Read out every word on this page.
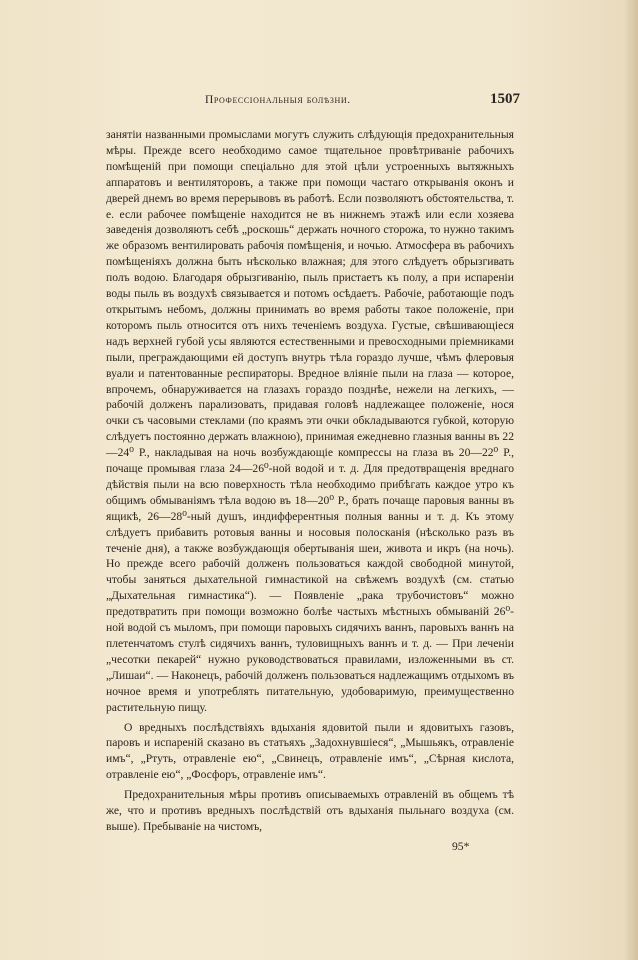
Профессіональныя болѣзни.	1507

занятіи названными промыслами могутъ служить слѣдующія предохранительныя мѣры. Прежде всего необходимо самое тщательное провѣтриваніе рабочихъ помѣщеній при помощи спеціально для этой цѣли устроенныхъ вытяжныхъ аппаратовъ и вентиляторовъ, а также при помощи частаго открыванія оконъ и дверей днемъ во время перерывовъ въ работѣ. Если позволяютъ обстоятельства, т. е. если рабочее помѣщеніе находится не въ нижнемъ этажѣ или если хозяева заведенія дозволяютъ себѣ „роскошь“ держать ночного сторожа, то нужно такимъ же образомъ вентилировать рабочія помѣщенія, и ночью. Атмосфера въ рабочихъ помѣщеніяхъ должна быть нѣсколько влажная; для этого слѣдуетъ обрызгивать полъ водою. Благодаря обрызгиванію, пыль пристаетъ къ полу, а при испареніи воды пыль въ воздухѣ связывается и потомъ осѣдаетъ. Рабочіе, работающіе подъ открытымъ небомъ, должны принимать во время работы такое положеніе, при которомъ пыль относится отъ нихъ теченіемъ воздуха. Густые, свѣшивающіеся надъ верхней губой усы являются естественными и превосходными пріемниками пыли, преграждающими ей доступъ внутрь тѣла гораздо лучше, чѣмъ флеровыя вуали и патентованные респираторы. Вредное вліяніе пыли на глаза — которое, впрочемъ, обнаруживается на глазахъ гораздо позднѣе, нежели на легкихъ, — рабочій долженъ парализовать, придавая головѣ надлежащее положеніе, нося очки съ часовыми стеклами (по краямъ эти очки обкладываются губкой, которую слѣдуетъ постоянно держать влажною), принимая ежедневно глазныя ванны въ 22—24⁰ Р., накладывая на ночь возбуждающіе компрессы на глаза въ 20—22⁰ Р., почаще промывая глаза 24—26⁰-ной водой и т. д. Для предотвращенія вреднаго дѣйствія пыли на всю поверхность тѣла необходимо прибѣгать каждое утро къ общимъ обмываніямъ тѣла водою въ 18—20⁰ Р., брать почаще паровыя ванны въ ящикѣ, 26—28⁰-ный душъ, индифферентныя полныя ванны и т. д. Къ этому слѣдуетъ прибавить ротовыя ванны и носовыя полосканія (нѣсколько разъ въ теченіе дня), а также возбуждающія обертыванія шеи, живота и икръ (на ночь). Но прежде всего рабочій долженъ пользоваться каждой свободной минутой, чтобы заняться дыхательной гимнастикой на свѣжемъ воздухѣ (см. статью „Дыхательная гимнастика“). — Появленіе „рака трубочистовъ“ можно предотвратить при помощи возможно болѣе частыхъ мѣстныхъ обмываній 26⁰-ной водой съ мыломъ, при помощи паровыхъ сидячихъ ваннъ, паровыхъ ваннъ на плетенчатомъ стулѣ сидячихъ ваннъ, туловищныхъ ваннъ и т. д. — При леченіи „чесотки пекарей“ нужно руководствоваться правилами, изложенными въ ст. „Лишаи“. — Наконецъ, рабочій долженъ пользоваться надлежащимъ отдыхомъ въ ночное время и употреблять питательную, удобоваримую, преимущественно растительную пищу.

О вредныхъ послѣдствіяхъ вдыханія ядовитой пыли и ядовитыхъ газовъ, паровъ и испареній сказано въ статьяхъ „Задохнувшіеся“, „Мышьякъ, отравленіе имъ“, „Ртуть, отравленіе ею“, „Свинецъ, отравленіе имъ“, „Сѣрная кислота, отравленіе ею“, „Фосфоръ, отравленіе имъ“.

Предохранительныя мѣры противъ описываемыхъ отравленій въ общемъ тѣ же, что и противъ вредныхъ послѣдствій отъ вдыханія пыльнаго воздуха (см. выше). Пребываніе на чистомъ,

95*
